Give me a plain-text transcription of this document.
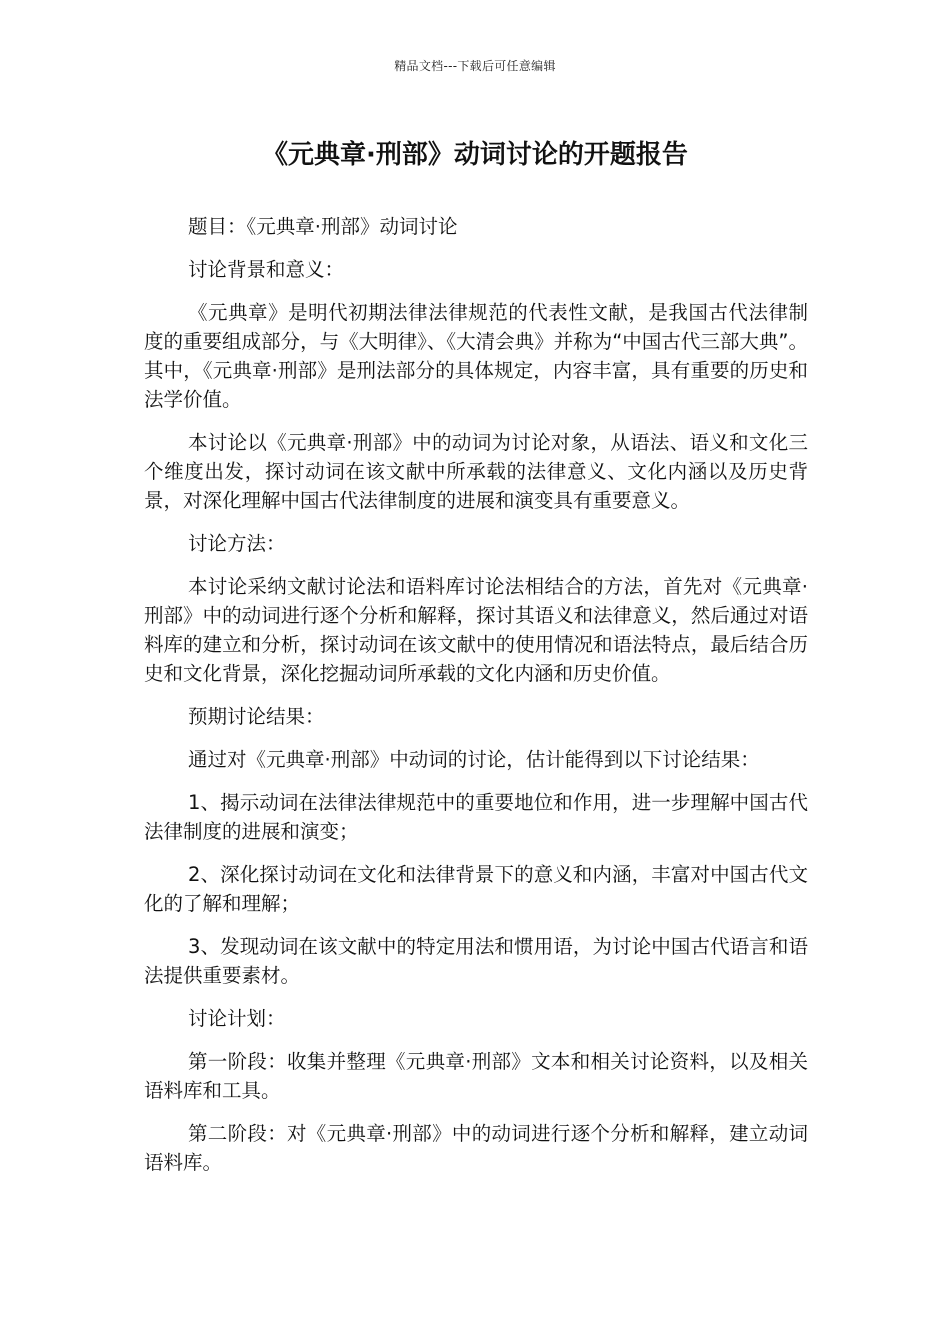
精品文档---下载后可任意编辑
《元典章·刑部》动词讨论的开题报告

题目：《元典章·刑部》动词讨论

讨论背景和意义：

《元典章》是明代初期法律法律规范的代表性文献，是我国古代法律制度的重要组成部分，与《大明律》、《大清会典》并称为“中国古代三部大典”。其中，《元典章·刑部》是刑法部分的具体规定，内容丰富，具有重要的历史和法学价值。

本讨论以《元典章·刑部》中的动词为讨论对象，从语法、语义和文化三个维度出发，探讨动词在该文献中所承载的法律意义、文化内涵以及历史背景，对深化理解中国古代法律制度的进展和演变具有重要意义。

讨论方法：

本讨论采纳文献讨论法和语料库讨论法相结合的方法，首先对《元典章·刑部》中的动词进行逐个分析和解释，探讨其语义和法律意义，然后通过对语料库的建立和分析，探讨动词在该文献中的使用情况和语法特点，最后结合历史和文化背景，深化挖掘动词所承载的文化内涵和历史价值。

预期讨论结果：

通过对《元典章·刑部》中动词的讨论，估计能得到以下讨论结果：

1、揭示动词在法律法律规范中的重要地位和作用，进一步理解中国古代法律制度的进展和演变；

2、深化探讨动词在文化和法律背景下的意义和内涵，丰富对中国古代文化的了解和理解；

3、发现动词在该文献中的特定用法和惯用语，为讨论中国古代语言和语法提供重要素材。

讨论计划：

第一阶段：收集并整理《元典章·刑部》文本和相关讨论资料，以及相关语料库和工具。

第二阶段：对《元典章·刑部》中的动词进行逐个分析和解释，建立动词语料库。
